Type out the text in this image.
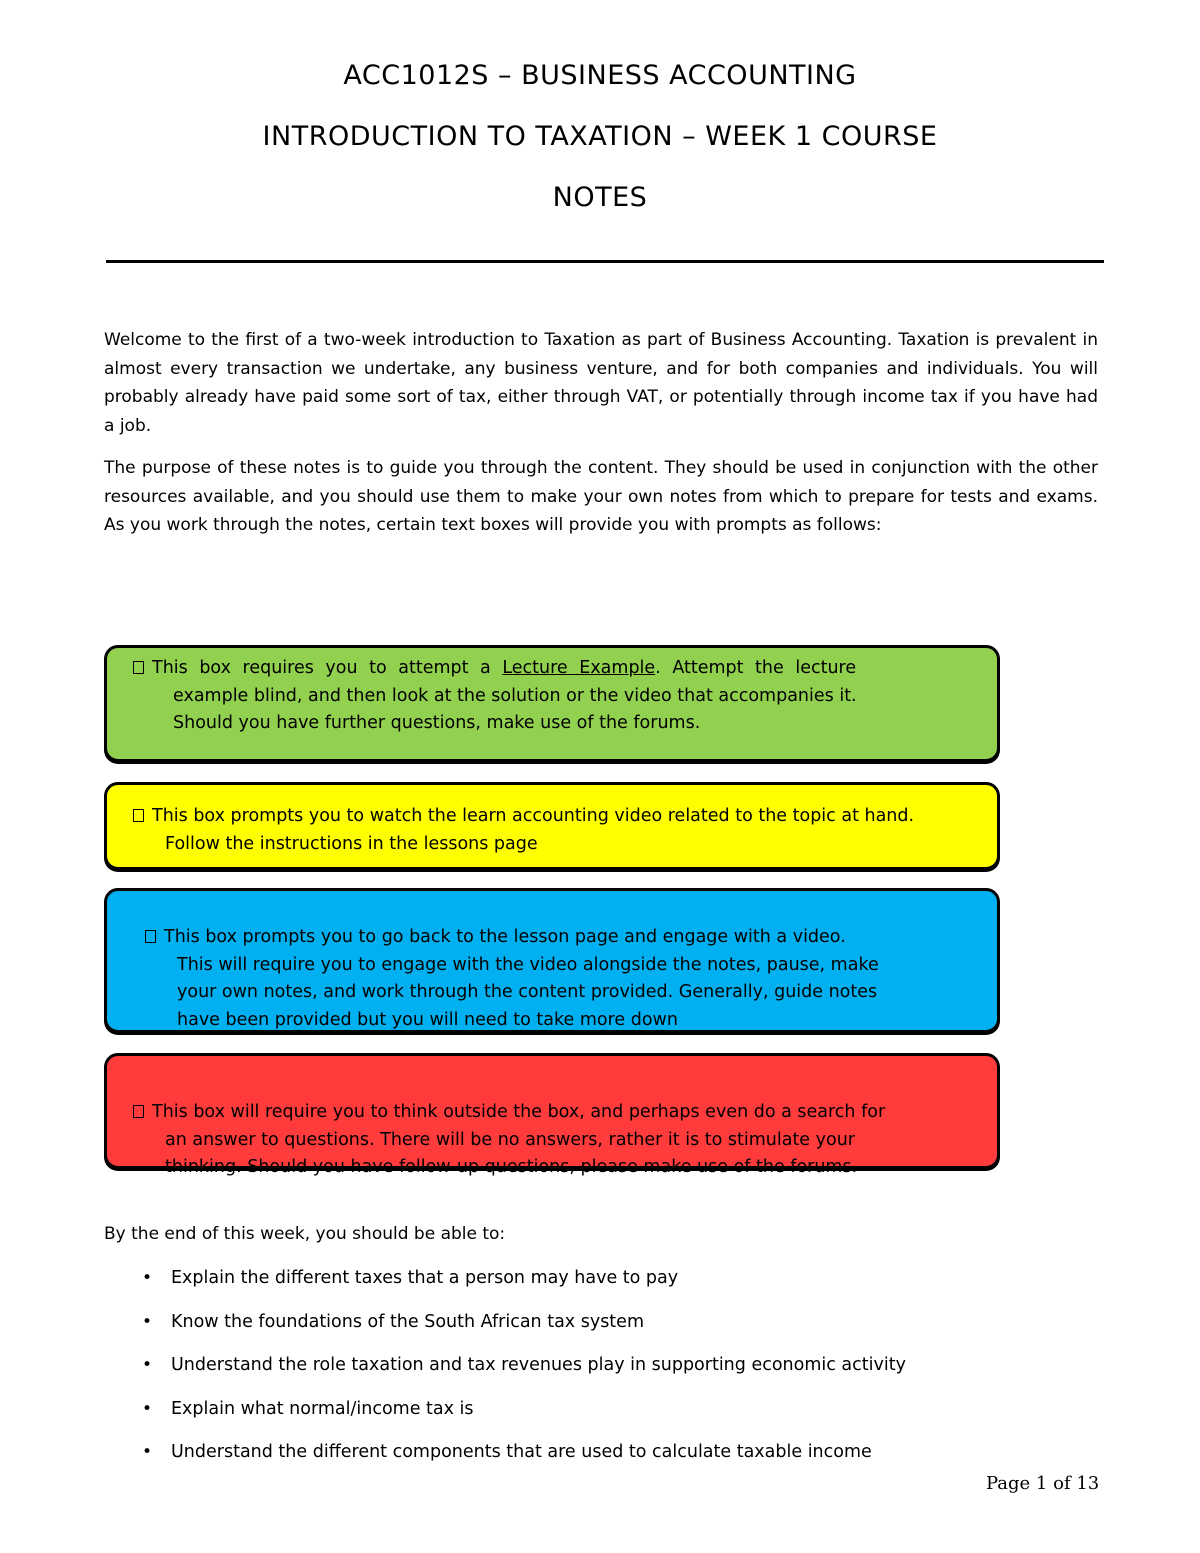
ACC1012S – BUSINESS ACCOUNTING
INTRODUCTION TO TAXATION – WEEK 1 COURSE
NOTES
Welcome to the first of a two-week introduction to Taxation as part of Business Accounting. Taxation is prevalent in almost every transaction we undertake, any business venture, and for both companies and individuals. You will probably already have paid some sort of tax, either through VAT, or potentially through income tax if you have had a job.
The purpose of these notes is to guide you through the content. They should be used in conjunction with the other resources available, and you should use them to make your own notes from which to prepare for tests and exams. As you work through the notes, certain text boxes will provide you with prompts as follows:
This box requires you to attempt a Lecture Example. Attempt the lecture
example blind, and then look at the solution or the video that accompanies it.
Should you have further questions, make use of the forums.
This box prompts you to watch the learn accounting video related to the topic at hand.
Follow the instructions in the lessons page
This box prompts you to go back to the lesson page and engage with a video.
This will require you to engage with the video alongside the notes, pause, make
your own notes, and work through the content provided. Generally, guide notes
have been provided but you will need to take more down
This box will require you to think outside the box, and perhaps even do a search for
an answer to questions. There will be no answers, rather it is to stimulate your
thinking. Should you have follow-up questions, please make use of the forums.
By the end of this week, you should be able to:
• Explain the different taxes that a person may have to pay
• Know the foundations of the South African tax system
• Understand the role taxation and tax revenues play in supporting economic activity
• Explain what normal/income tax is
• Understand the different components that are used to calculate taxable income
Page 1 of 13
